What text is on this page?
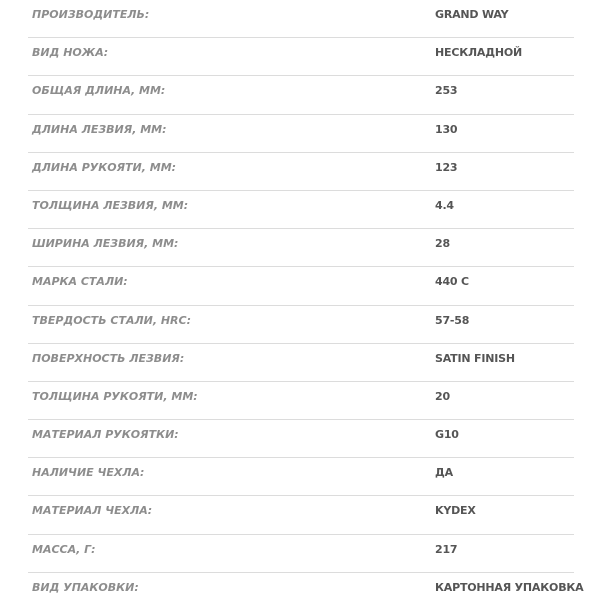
ПРОИЗВОДИТЕЛЬ:	GRAND WAY
ВИД НОЖА:	НЕСКЛАДНОЙ
ОБЩАЯ ДЛИНА, ММ:	253
ДЛИНА ЛЕЗВИЯ, ММ:	130
ДЛИНА РУКОЯТИ, ММ:	123
ТОЛЩИНА ЛЕЗВИЯ, ММ:	4.4
ШИРИНА ЛЕЗВИЯ, ММ:	28
МАРКА СТАЛИ:	440 С
ТВЕРДОСТЬ СТАЛИ, HRC:	57-58
ПОВЕРХНОСТЬ ЛЕЗВИЯ:	SATIN FINISH
ТОЛЩИНА РУКОЯТИ, ММ:	20
МАТЕРИАЛ РУКОЯТКИ:	G10
НАЛИЧИЕ ЧЕХЛА:	ДА
МАТЕРИАЛ ЧЕХЛА:	KYDEX
МАССА, Г:	217
ВИД УПАКОВКИ:	КАРТОННАЯ УПАКОВКА
